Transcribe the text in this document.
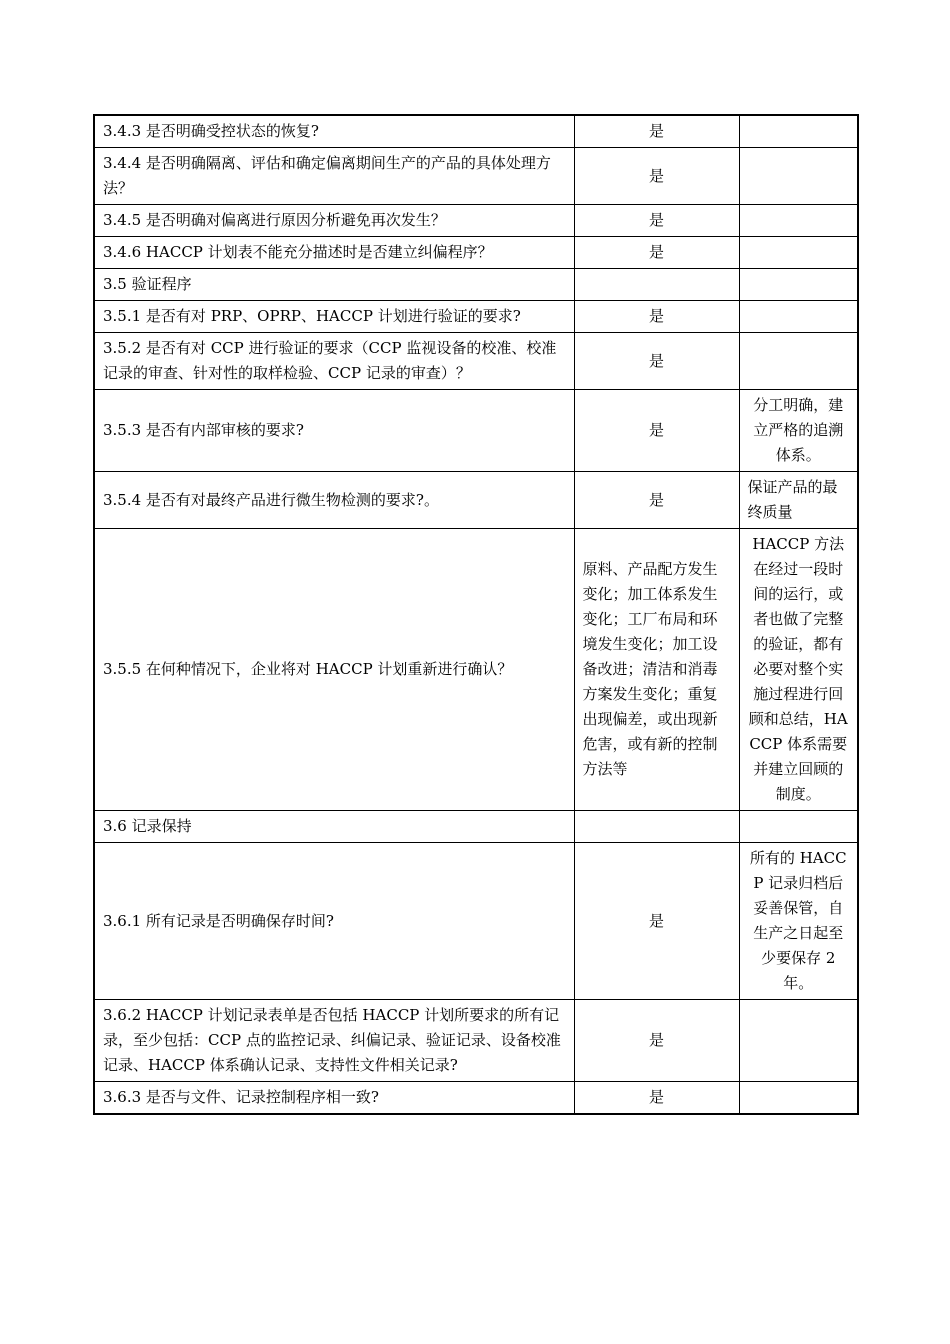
3.4.3 是否明确受控状态的恢复?	是	
3.4.4 是否明确隔离、评估和确定偏离期间生产的产品的具体处理方法？	是	
3.4.5 是否明确对偏离进行原因分析避免再次发生？	是	
3.4.6 HACCP 计划表不能充分描述时是否建立纠偏程序？	是	
3.5 验证程序		
3.5.1 是否有对 PRP、OPRP、HACCP 计划进行验证的要求?	是	
3.5.2 是否有对 CCP 进行验证的要求（CCP 监视设备的校准、校准记录的审查、针对性的取样检验、CCP 记录的审查）？	是	
3.5.3 是否有内部审核的要求?	是	分工明确，建立严格的追溯体系。
3.5.4 是否有对最终产品进行微生物检测的要求?。	是	保证产品的最终质量
3.5.5 在何种情况下，企业将对 HACCP 计划重新进行确认？	原料、产品配方发生变化；加工体系发生变化；工厂布局和环境发生变化；加工设备改进；清洁和消毒方案发生变化；重复出现偏差，或出现新危害，或有新的控制方法等	HACCP 方法在经过一段时间的运行，或者也做了完整的验证，都有必要对整个实施过程进行回顾和总结，HACCP 体系需要并建立回顾的制度。
3.6 记录保持		
3.6.1 所有记录是否明确保存时间?	是	所有的 HACCP 记录归档后妥善保管，自生产之日起至少要保存 2 年。
3.6.2 HACCP 计划记录表单是否包括 HACCP 计划所要求的所有记录，至少包括：CCP 点的监控记录、纠偏记录、验证记录、设备校准记录、HACCP 体系确认记录、支持性文件相关记录?	是	
3.6.3 是否与文件、记录控制程序相一致?	是	
